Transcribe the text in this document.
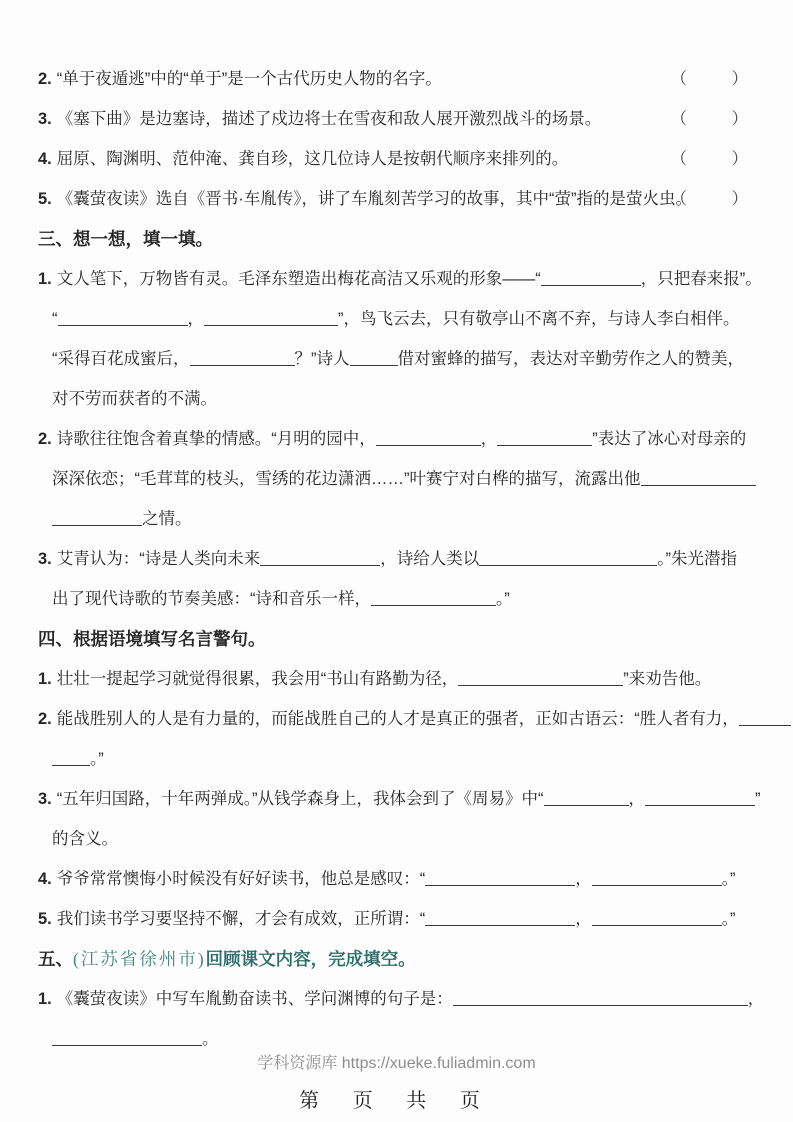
2. “单于夜遁逃”中的“单于”是一个古代历史人物的名字。	（　）
3. 《塞下曲》是边塞诗，描述了戍边将士在雪夜和敌人展开激烈战斗的场景。	（　）
4. 屈原、陶渊明、范仲淹、龚自珍，这几位诗人是按朝代顺序来排列的。	（　）
5. 《囊萤夜读》选自《晋书·车胤传》，讲了车胤刻苦学习的故事，其中“萤”指的是萤火虫。
（　）
三、想一想，填一填。
1. 文人笔下，万物皆有灵。毛泽东塑造出梅花高洁又乐观的形象——“	，只把春来报”。
“	，	”，鸟飞云去，只有敬亭山不离不弃，与诗人李白相伴。
“采得百花成蜜后，	？”诗人	借对蜜蜂的描写，表达对辛勤劳作之人的赞美，
对不劳而获者的不满。
2. 诗歌往往饱含着真挚的情感。“月明的园中，	，	”表达了冰心对母亲的
深深依恋；“毛茸茸的枝头，雪绣的花边潇洒……”叶赛宁对白桦的描写，流露出他
之情。
3. 艾青认为：“诗是人类向未来	，诗给人类以	。”朱光潜指
出了现代诗歌的节奏美感：“诗和音乐一样，	。”
四、根据语境填写名言警句。
1. 壮壮一提起学习就觉得很累，我会用“书山有路勤为径，	”来劝告他。
2. 能战胜别人的人是有力量的，而能战胜自己的人才是真正的强者，正如古语云：“胜人者有力，
。”
3. “五年归国路，十年两弹成。”从钱学森身上，我体会到了《周易》中“	，	”
的含义。
4. 爷爷常常懊悔小时候没有好好读书，他总是感叹：“	，	。”
5. 我们读书学习要坚持不懈，才会有成效，正所谓：“	，	。”
五、(江苏省徐州市)回顾课文内容，完成填空。
1. 《囊萤夜读》中写车胤勤奋读书、学问渊博的句子是：	，
。
学科资源库 https://xueke.fuliadmin.com
第 页 共 页
